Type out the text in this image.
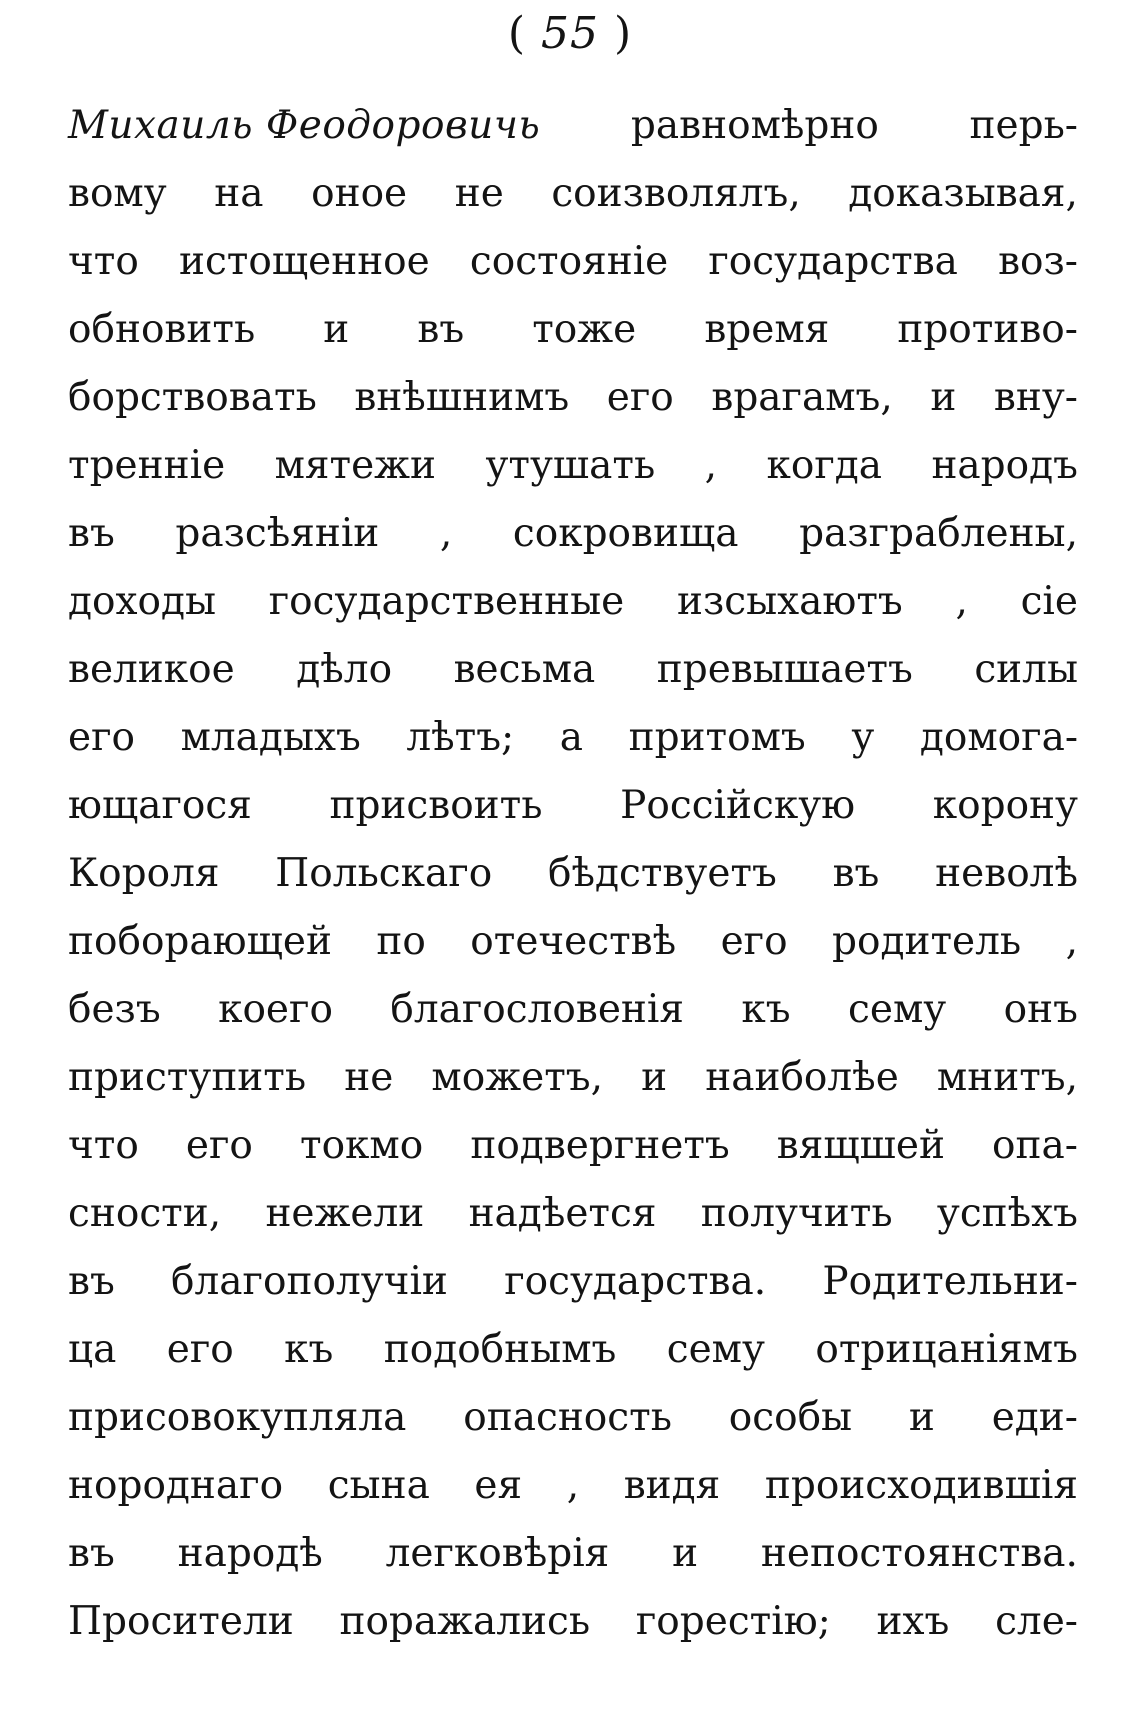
( 55 )
Михаиль Феодоровичь равномѣрно перь-
вому на оное не соизволялъ, доказывая,
что истощенное состояніе государства воз-
обновить и въ тоже время противо-
борствовать внѣшнимъ его врагамъ, и вну-
тренніе мятежи утушать , когда народъ
въ разсѣяніи , сокровища разграблены,
доходы государственные изсыхаютъ , сіе
великое дѣло весьма превышаетъ силы
его младыхъ лѣтъ; а притомъ у домога-
ющагося присвоить Россійскую корону
Короля Польскаго бѣдствуетъ въ неволѣ
поборающей по отечествѣ его родитель ,
безъ коего благословенія къ сему онъ
приступить не можетъ, и наиболѣе мнитъ,
что его токмо подвергнетъ вящшей опа-
сности, нежели надѣется получить успѣхъ
въ благополучіи государства. Родительни-
ца его къ подобнымъ сему отрицаніямъ
присовокупляла опасность особы и еди-
нороднаго сына ея , видя происходившія
въ народѣ легковѣрія и непостоянства.
Просители поражались горестію; ихъ сле-
